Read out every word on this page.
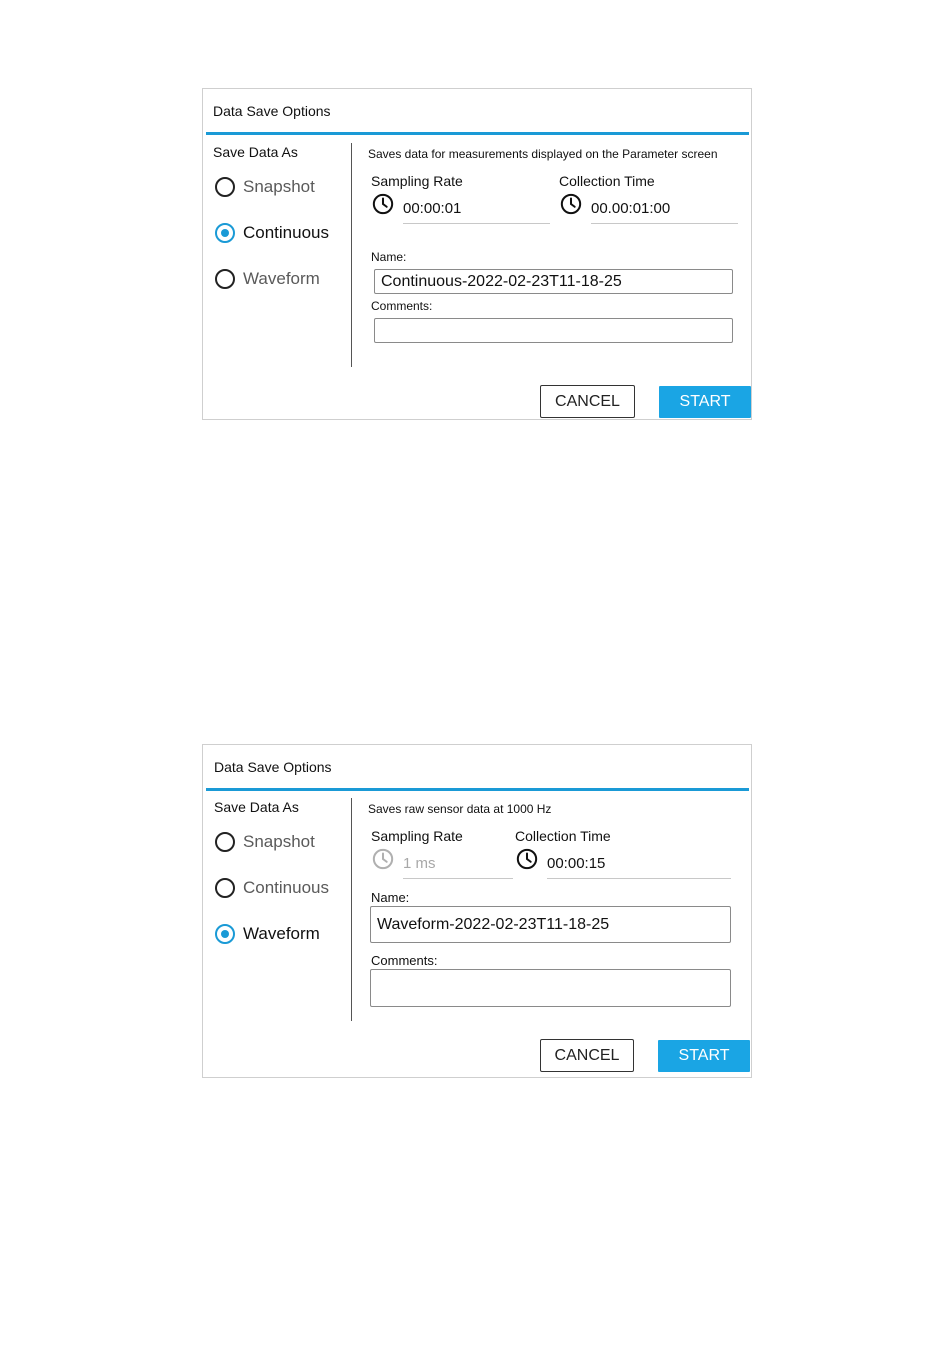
Data Save Options
Save Data As
Snapshot
Continuous
Waveform
Saves data for measurements displayed on the Parameter screen
Sampling Rate
00:00:01
Collection Time
00.00:01:00
Name:
Continuous-2022-02-23T11-18-25
Comments:
CANCEL	START
Data Save Options
Save Data As
Snapshot
Continuous
Waveform
Saves raw sensor data at 1000 Hz
Sampling Rate
1 ms
Collection Time
00:00:15
Name:
Waveform-2022-02-23T11-18-25
Comments:
CANCEL	START
